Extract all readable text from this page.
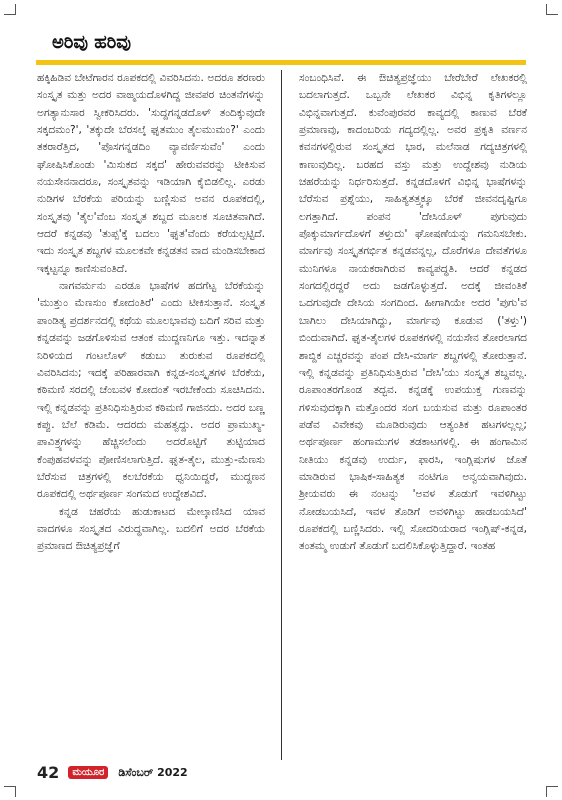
ಅರಿವು ಹರಿವು

ಹಕ್ಕಿಹಿಡಿವ ಬೇಟೆಗಾರನ ರೂಪಕದಲ್ಲಿ ವಿವರಿಸಿದನು. ಅದರೂ ಶರಣರು ಸಂಸ್ಕೃತ ಮತ್ತು ಅದರ ವಾಙ್ಮಯದೊಳಗಿದ್ದ ಜೀವಪರ ಚಿಂತನೆಗಳನ್ನು ಅಗತ್ಯಾನುಸಾರ ಸ್ವೀಕರಿಸಿದರು. 'ಸುದ್ದಗನ್ನಡದೊಳ್ ತಂದಿಕ್ಕುವುದೇ ಸಕ್ಕದಮಂ?', 'ತಕ್ಕುದೇ ಬೆರಸಲ್ಕೆ ಘೃತಮುಂ ತೈಲಮುಮಂ?' ಎಂದು ತಕರಾರೆತ್ತಿದ, 'ಪೊಸಗನ್ನಡದಿಂ ವ್ಯಾವರ್ಣಿಸುವೆಂ' ಎಂದು ಘೋಷಿಸಿಕೊಂಡು 'ಮಿಸುಕದ ಸಕ್ಕದ' ಹೇರುವವರನ್ನು ಟೀಕಿಸುವ ನಯಸೇನನಾದರೂ, ಸಂಸ್ಕೃತವನ್ನು ಇಡಿಯಾಗಿ ಕೈಬಿಡಲಿಲ್ಲ. ಎರಡು ನುಡಿಗಳ ಬೆರಕೆಯ ಪರಿಯನ್ನು ಬಣ್ಣಿಸುವ ಅವನ ರೂಪಕದಲ್ಲಿ, ಸಂಸ್ಕೃತವು 'ತೈಲ'ವೆಂಬ ಸಂಸ್ಕೃತ ಶಬ್ದದ ಮೂಲಕ ಸೂಚಿತವಾಗಿದೆ. ಆದರೆ ಕನ್ನಡವು 'ತುಪ್ಪ'ಕ್ಕೆ ಬದಲು 'ಘೃತ'ವೆಂದು ಕರೆಯಲ್ಪಟ್ಟಿದೆ. ಇದು ಸಂಸ್ಕೃತ ಶಬ್ದಗಳ ಮೂಲಕವೇ ಕನ್ನಡತನ ವಾದ ಮಂಡಿಸಬೇಕಾದ ಇಕ್ಕಟ್ಟನ್ನೂ ಕಾಣಿಸುವಂತಿದೆ.

ನಾಗವರ್ಮನು ಎರಡೂ ಭಾಷೆಗಳ ಹದಗೆಟ್ಟ ಬೆರಕೆಯನ್ನು 'ಮುತ್ತುಂ ಮೆಣಸುಂ ಕೋದಂತಿರೆ' ಎಂದು ಟೀಕಿಸುತ್ತಾನೆ. ಸಂಸ್ಕೃತ ಪಾಂಡಿತ್ಯ ಪ್ರದರ್ಶನದಲ್ಲಿ ಕಥೆಯ ಮೂಲಭಾವವು ಬದಿಗೆ ಸರಿವ ಮತ್ತು ಕನ್ನಡವನ್ನು ಜಡಗೊಳಿಸುವ ಆತಂಕ ಮುದ್ದಣನಿಗೂ ಇತ್ತು. ಇದನ್ನಾತ ನಿರಿಳಿಯದ ಗಂಟಲೊಳ್ ಕಡುಬು ತುರುಕುವ ರೂಪಕದಲ್ಲಿ ವಿವರಿಸಿದನು; ಇದಕ್ಕೆ ಪರಿಹಾರವಾಗಿ ಕನ್ನಡ-ಸಂಸ್ಕೃತಗಳ ಬೆರಕೆಯ, ಕಠಿಮಣಿ ಸರದಲ್ಲಿ ಚೆಂಬವಳ ಕೋದಂತೆ ಇರಬೇಕೆಂದು ಸೂಚಿಸಿದನು. ಇಲ್ಲಿ ಕನ್ನಡವನ್ನು ಪ್ರತಿನಿಧಿಸುತ್ತಿರುವ ಕಠಿಮಣಿ ಗಾಜಿನದು. ಅದರ ಬಣ್ಣ ಕಪ್ಪು. ಬೆಲೆ ಕಡಿಮೆ. ಆದರದು ಮಹತ್ವದ್ದು. ಅದರ ಪ್ರಾಮುಖ್ಯ-ಪಾವಿತ್ರ್ಯಗಳನ್ನು ಹೆಚ್ಚಿಸಲೆಂದು ಅದರೊಟ್ಟಿಗೆ ತುಟ್ಟಿಯಾದ ಕೆಂಪುಹವಳವನ್ನು ಪೋಣಿಸಲಾಗುತ್ತಿದೆ. ಘೃತ-ತೈಲ, ಮುತ್ತು-ಮೆಣಸು ಬೆರೆಸುವ ಚಿತ್ರಗಳಲ್ಲಿ ಕಲಬೆರಕೆಯ ಧ್ವನಿಯಿದ್ದರೆ, ಮುದ್ದಣನ ರೂಪಕದಲ್ಲಿ ಅರ್ಥಪೂರ್ಣ ಸಂಗಮದ ಉದ್ದೇಶವಿದೆ.

ಕನ್ನಡ ಚಹರೆಯ ಹುಡುಕಾಟದ ಮೇಲ್ಕಾಣಿಸಿದ ಯಾವ ವಾದಗಳೂ ಸಂಸ್ಕೃತದ ವಿರುದ್ಧವಾಗಿಲ್ಲ. ಬದಲಿಗೆ ಅದರ ಬೆರಕೆಯ ಪ್ರಮಾಣದ ಔಚಿತ್ಯಪ್ರಜ್ಞೆಗೆ

ಸಂಬಂಧಿಸಿವೆ. ಈ ಔಚಿತ್ಯಪ್ರಜ್ಞೆಯು ಬೇರೆಬೇರೆ ಲೇಖಕರಲ್ಲಿ ಬದಲಾಗುತ್ತದೆ. ಒಬ್ಬನೇ ಲೇಖಕರ ವಿಭಿನ್ನ ಕೃತಿಗಳಲ್ಲೂ ವಿಭಿನ್ನವಾಗುತ್ತದೆ. ಕುವೆಂಪುರವರ ಕಾವ್ಯದಲ್ಲಿ ಕಾಣುವ ಬೆರಕೆ ಪ್ರಮಾಣವು, ಕಾದಂಬರಿಯ ಗದ್ಯದಲ್ಲಿಲ್ಲ. ಅವರ ಪ್ರಕೃತಿ ವರ್ಣನ ಕವನಗಳಲ್ಲಿರುವ ಸಂಸ್ಕೃತದ ಭಾರ, ಮಲೆನಾಡ ಗದ್ಯಚಿತ್ರಗಳಲ್ಲಿ ಕಾಣುವುದಿಲ್ಲ. ಬರಹದ ವಸ್ತು ಮತ್ತು ಉದ್ದೇಶವು ನುಡಿಯ ಚಹರೆಯನ್ನು ನಿರ್ಧರಿಸುತ್ತದೆ. ಕನ್ನಡದೊಳಗೆ ವಿಭಿನ್ನ ಭಾಷೆಗಳನ್ನು ಬೆರೆಸುವ ಪ್ರಶ್ನೆಯು, ಸಾಹಿತ್ಯತತ್ತ್ವಕ್ಕೂ ಬೆರಕೆ ಜೀವನದೃಷ್ಟಿಗೂ ಲಗತ್ತಾಗಿದೆ. ಪಂಪನ 'ದೇಸಿಯೊಳ್ ಪುಗುವುದು ಪೊಕ್ಕುಮಾರ್ಗದೊಳಗೆ ತಳ್ತುದು' ಘೋಷಣೆಯನ್ನು ಗಮನಿಸಬೇಕು. ಮಾರ್ಗವು ಸಂಸ್ಕೃತಗರ್ಭಿತ ಕನ್ನಡವನ್ನಲ್ಲ, ದೊರೆಗಳೂ ದೇವತೆಗಳೂ ಮುನಿಗಳೂ ನಾಯಕರಾಗಿರುವ ಕಾವ್ಯಪದ್ಧತಿ. ಆದರೆ ಕನ್ನಡದ ಸಂಗದಲ್ಲಿರದ್ದರೆ ಅದು ಜಡಗೊಳ್ಳುತ್ತದೆ. ಅದಕ್ಕೆ ಜೀವಂತಿಕೆ ಒದಗುವುದೇ ದೇಸಿಯ ಸಂಗದಿಂದ. ಹೀಗಾಗಿಯೇ ಅದರ 'ಪುಗು'ವ ಬಾಗಿಲು ದೇಸಿಯಾಗಿದ್ದು, ಮಾರ್ಗವು ಕೂಡುವ ('ತಳ್ತು') ಬಿಂದುವಾಗಿದೆ. ಘೃತ-ತೈಲಗಳ ರೂಪಕಗಳಲ್ಲಿ ನಯಸೇನ ತೋರಲಾಗದ ಶಾಬ್ದಿಕ ಎಚ್ಚರವನ್ನು ಪಂಪ ದೇಸಿ-ಮಾರ್ಗ ಶಬ್ದಗಳಲ್ಲಿ ತೋರುತ್ತಾನೆ. ಇಲ್ಲಿ ಕನ್ನಡವನ್ನು ಪ್ರತಿನಿಧಿಸುತ್ತಿರುವ 'ದೇಸಿ'ಯು ಸಂಸ್ಕೃತ ಶಬ್ದವಲ್ಲ. ರೂಪಾಂತರಗೊಂಡ ತದ್ಭವ. ಕನ್ನಡಕ್ಕೆ ಉಪಯುಕ್ತ ಗುಣವನ್ನು ಗಳಿಸುವುದಕ್ಕಾಗಿ ಮತ್ತೊಂದರ ಸಂಗ ಬಯಸುವ ಮತ್ತು ರೂಪಾಂತರ ಪಡೆವ ವಿವೇಕವು ಮೂಡಿರುವುದು ಆತ್ಯಂತಿಕ ಹಟಗಳಲ್ಲಲ್ಲ; ಅರ್ಥಪೂರ್ಣ ಹಂಗಾಮುಗಳ ತಡಕಾಟಗಳಲ್ಲಿ. ಈ ಹಂಗಾಮಿನ ನೀತಿಯು ಕನ್ನಡವು ಉರ್ದು, ಫಾರಸಿ, ಇಂಗ್ಲಿಷುಗಳ ಜೊತೆ ಮಾಡಿರುವ ಭಾಷಿಕ-ಸಾಹಿತ್ಯಕ ನಂಟಿಗೂ ಅನ್ವಯವಾಗಿವುದು. ಶ್ರೀಯವರು ಈ ನಂಟನ್ನು 'ಅವಳ ತೊಡುಗೆ ಇವಳಿಗಿಟ್ಟು ನೋಡಬಯಸಿದೆ, ಇವಳ ತೊಡಿಗೆ ಅವಳಿಗಿಟ್ಟು ಹಾಡಬಯಸಿದೆ' ರೂಪಕದಲ್ಲಿ ಬಣ್ಣಿಸಿದರು. ಇಲ್ಲಿ ಸೋದರಿಯರಾದ ಇಂಗ್ಲಿಷ್-ಕನ್ನಡ, ತಂತಮ್ಮ ಉಡುಗೆ ತೊಡುಗೆ ಬದಲಿಸಿಕೊಳ್ಳುತ್ತಿದ್ದಾರೆ. ಇಂತಹ

42 ಮಯೂರ ಡಿಸೆಂಬರ್ 2022
